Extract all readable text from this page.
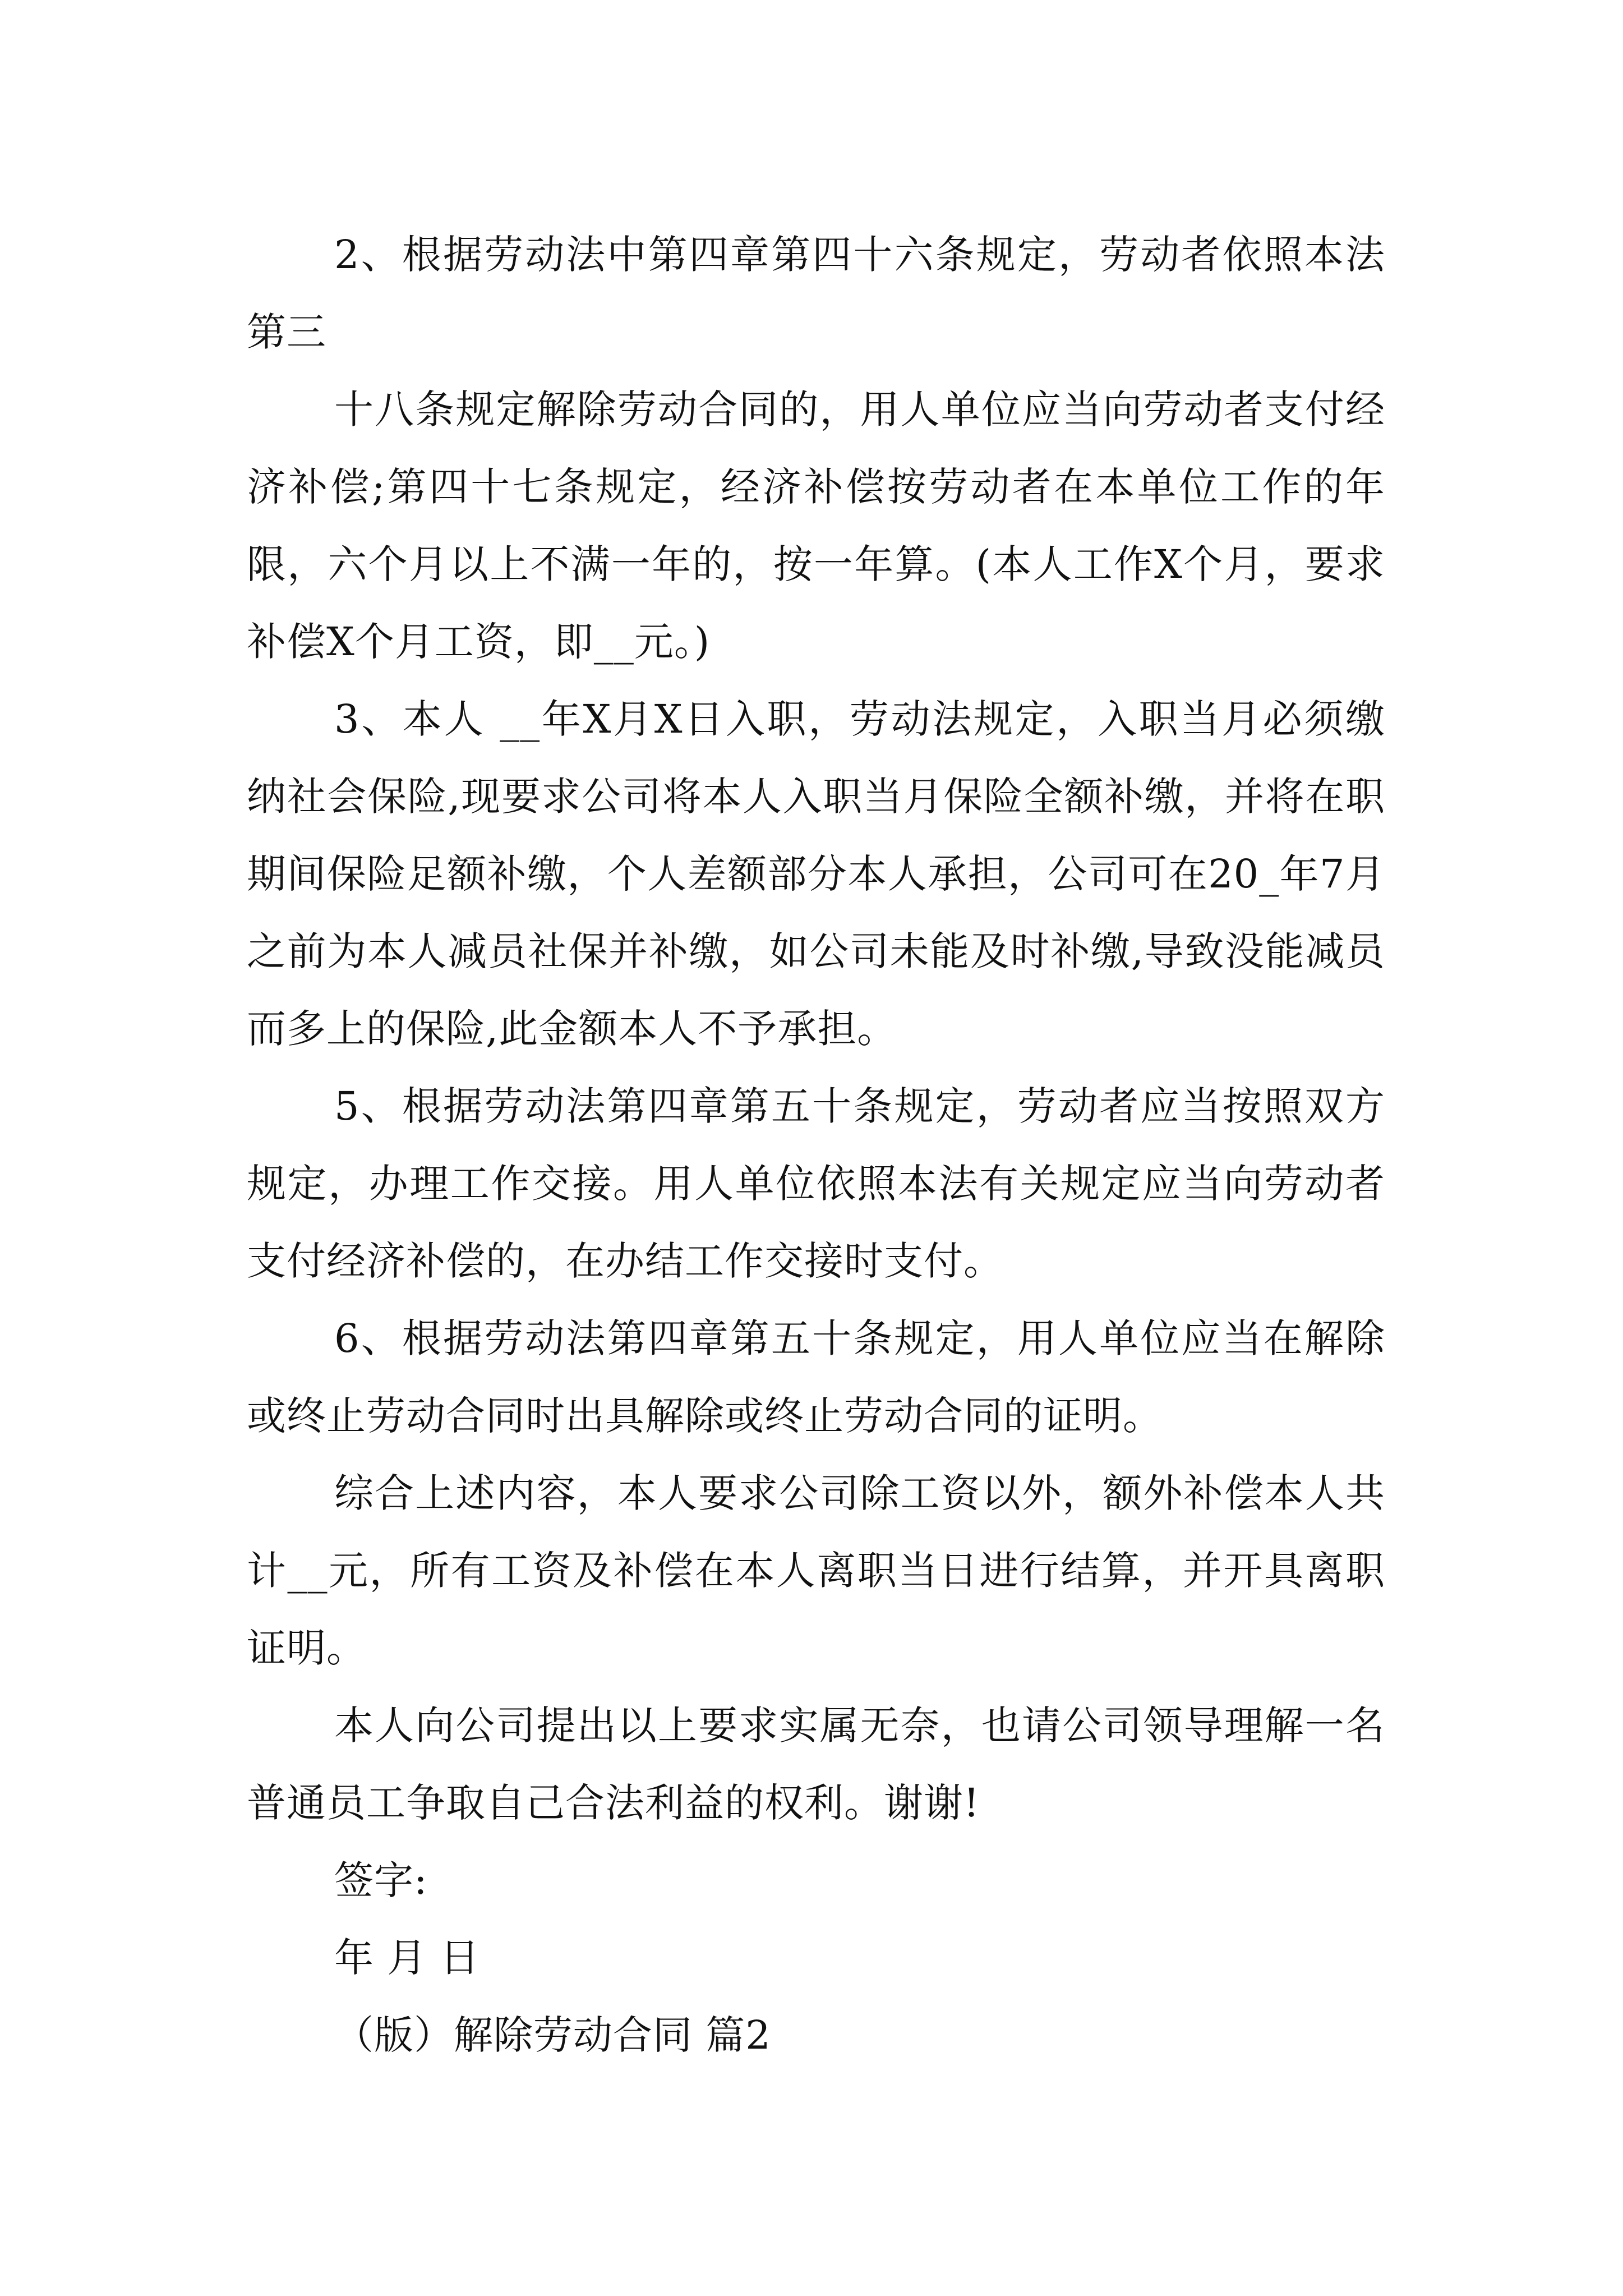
2、根据劳动法中第四章第四十六条规定，劳动者依照本法第三

十八条规定解除劳动合同的，用人单位应当向劳动者支付经济补偿;第四十七条规定，经济补偿按劳动者在本单位工作的年限，六个月以上不满一年的，按一年算。(本人工作X个月，要求补偿X个月工资，即__元。)

3、本人 __年X月X日入职，劳动法规定，入职当月必须缴纳社会保险,现要求公司将本人入职当月保险全额补缴，并将在职期间保险足额补缴，个人差额部分本人承担，公司可在20_年7月之前为本人减员社保并补缴，如公司未能及时补缴,导致没能减员而多上的保险,此金额本人不予承担。

5、根据劳动法第四章第五十条规定，劳动者应当按照双方规定，办理工作交接。用人单位依照本法有关规定应当向劳动者支付经济补偿的，在办结工作交接时支付。

6、根据劳动法第四章第五十条规定，用人单位应当在解除或终止劳动合同时出具解除或终止劳动合同的证明。

综合上述内容，本人要求公司除工资以外，额外补偿本人共计__元，所有工资及补偿在本人离职当日进行结算，并开具离职证明。

本人向公司提出以上要求实属无奈，也请公司领导理解一名普通员工争取自己合法利益的权利。谢谢!

签字:

年 月 日

（版）解除劳动合同 篇2
